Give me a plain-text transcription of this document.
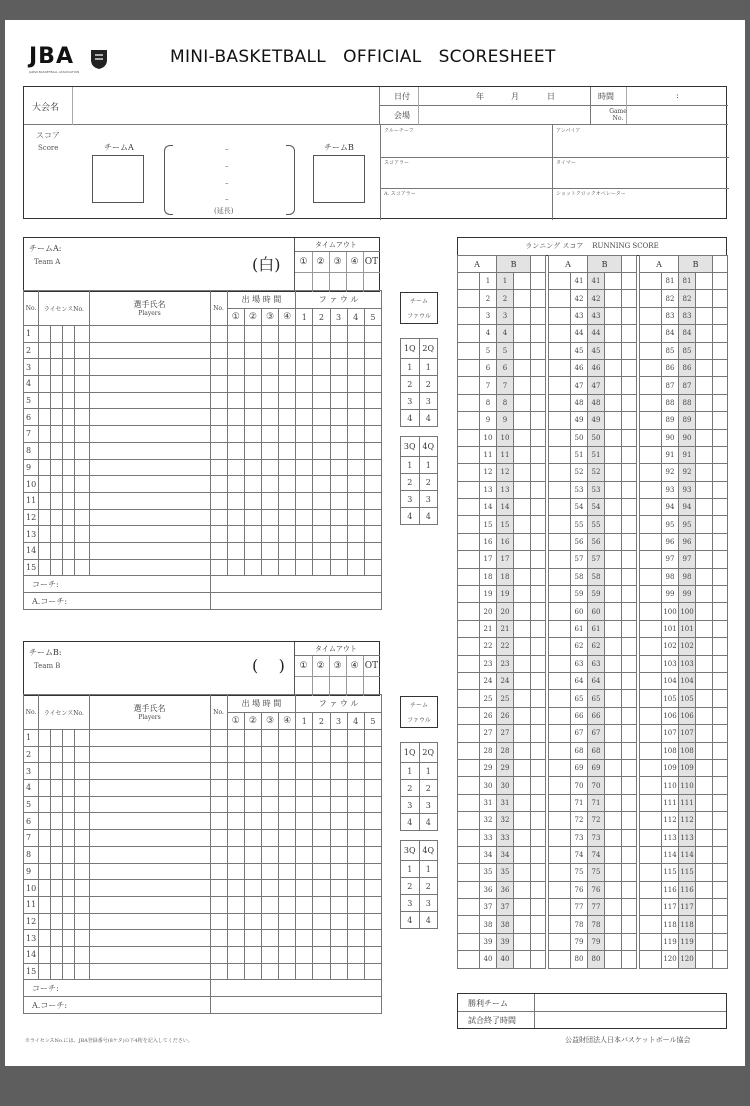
JBA
JAPAN BASKETBALL ASSOCIATION
MINI-BASKETBALL   OFFICIAL   SCORESHEET
大会名
日付	年	月	日	時間	:
会場	Game No.
スコア
Score	チームA	チームB
–
–
–
–
(延長)
クルーチーフ	アンパイア
スコアラー	タイマー
A. スコアラー	ショットクロックオペレーター
チームA:
Team A	(白)
タイムアウト
① ② ③ ④ OT
No.	ライセンスNo.				選手氏名
Players	No.	出 場 時 間				フ ァ ウ ル				
							①	②	③	④	1	2	3	4	5
1															
2															
3															
4															
5															
6															
7															
8															
9															
10															
11															
12															
13															
14															
15															
コーチ:															
A.コーチ:															
チームB:
Team B	(    )
タイムアウト
① ② ③ ④ OT
No.	ライセンスNo.				選手氏名
Players	No.	出 場 時 間				フ ァ ウ ル				
							①	②	③	④	1	2	3	4	5
1															
2															
3															
4															
5															
6															
7															
8															
9															
10															
11															
12															
13															
14															
15															
コーチ:															
A.コーチ:															
チーム
ファウル
1Q	2Q
1	1
2	2
3	3
4	4
3Q	4Q
1	1
2	2
3	3
4	4
チーム
ファウル
1Q	2Q
1	1
2	2
3	3
4	4
3Q	4Q
1	1
2	2
3	3
4	4
ランニング スコア    RUNNING SCORE
A		B		
	1	1		
	2	2		
	3	3		
	4	4		
	5	5		
	6	6		
	7	7		
	8	8		
	9	9		
	10	10		
	11	11		
	12	12		
	13	13		
	14	14		
	15	15		
	16	16		
	17	17		
	18	18		
	19	19		
	20	20		
	21	21		
	22	22		
	23	23		
	24	24		
	25	25		
	26	26		
	27	27		
	28	28		
	29	29		
	30	30		
	31	31		
	32	32		
	33	33		
	34	34		
	35	35		
	36	36		
	37	37		
	38	38		
	39	39		
	40	40		
A		B		
	41	41		
	42	42		
	43	43		
	44	44		
	45	45		
	46	46		
	47	47		
	48	48		
	49	49		
	50	50		
	51	51		
	52	52		
	53	53		
	54	54		
	55	55		
	56	56		
	57	57		
	58	58		
	59	59		
	60	60		
	61	61		
	62	62		
	63	63		
	64	64		
	65	65		
	66	66		
	67	67		
	68	68		
	69	69		
	70	70		
	71	71		
	72	72		
	73	73		
	74	74		
	75	75		
	76	76		
	77	77		
	78	78		
	79	79		
	80	80		
A		B		
	81	81		
	82	82		
	83	83		
	84	84		
	85	85		
	86	86		
	87	87		
	88	88		
	89	89		
	90	90		
	91	91		
	92	92		
	93	93		
	94	94		
	95	95		
	96	96		
	97	97		
	98	98		
	99	99		
	100	100		
	101	101		
	102	102		
	103	103		
	104	104		
	105	105		
	106	106		
	107	107		
	108	108		
	109	109		
	110	110		
	111	111		
	112	112		
	113	113		
	114	114		
	115	115		
	116	116		
	117	117		
	118	118		
	119	119		
	120	120		
勝利チーム
試合終了時間
※ライセンスNo.には、JBA登録番号(8ケタ)の下4桁を記入してください。	公益財団法人日本バスケットボール協会
